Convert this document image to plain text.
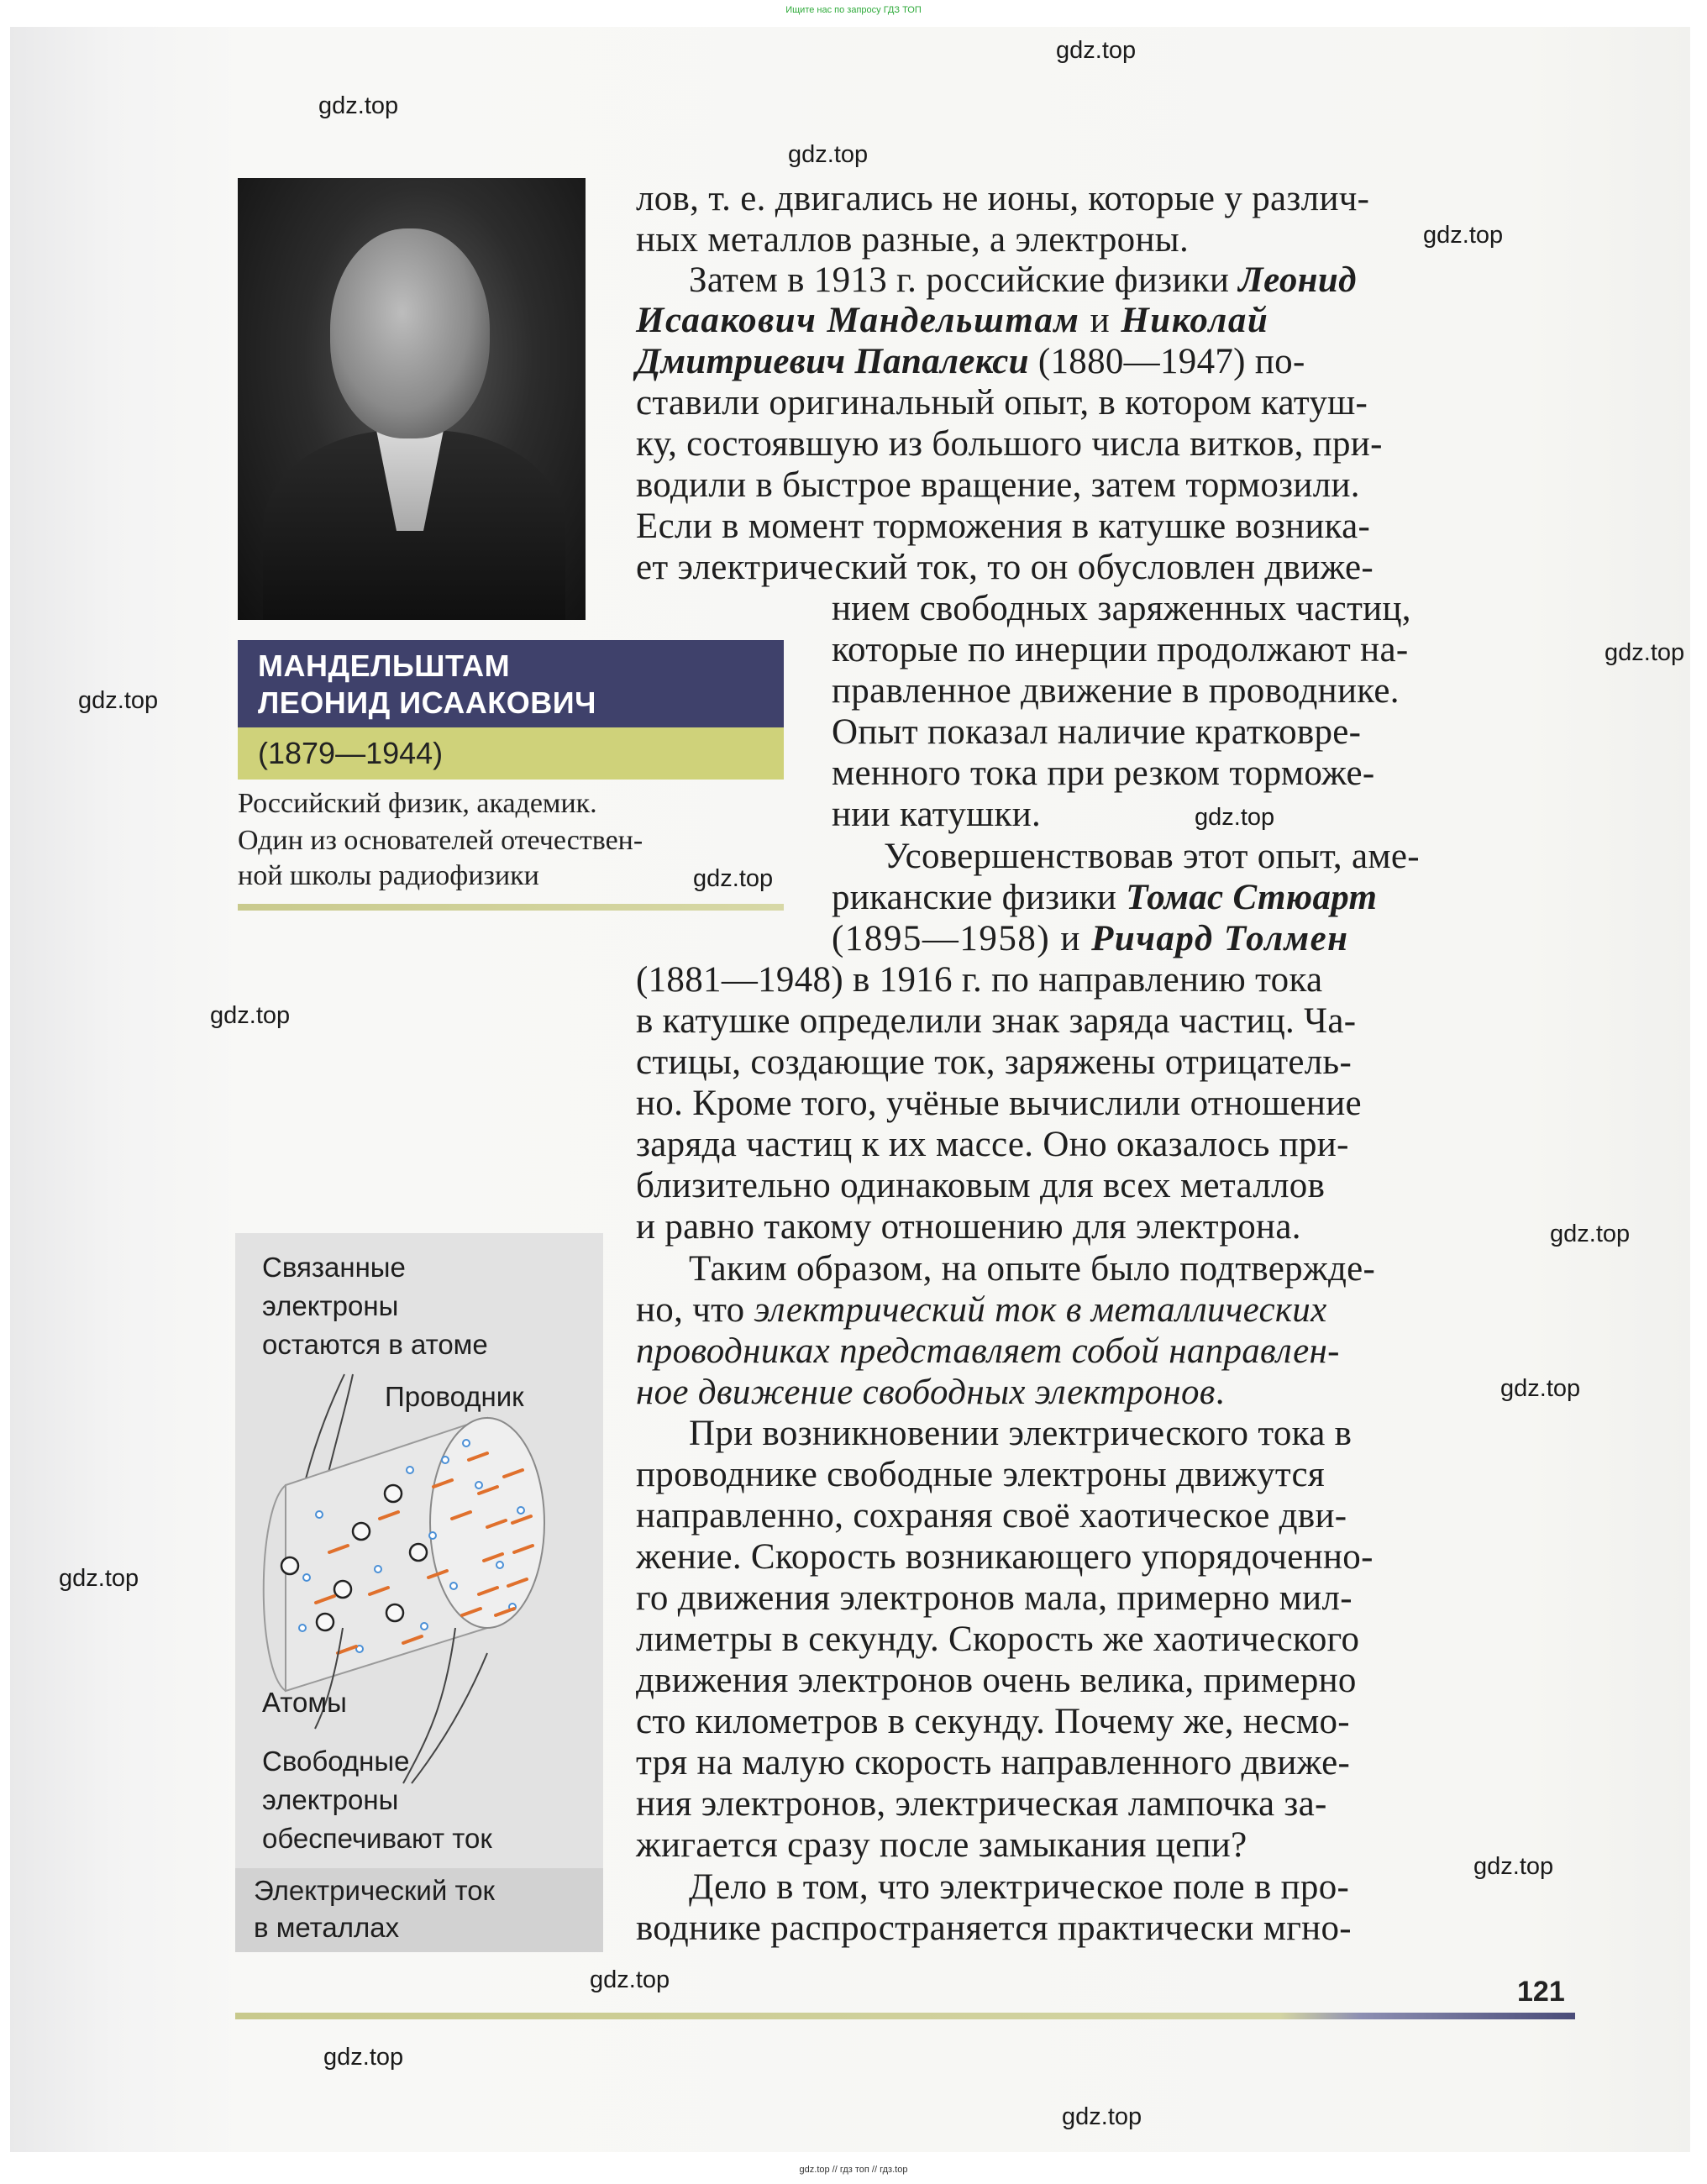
Ищите нас по запросу ГДЗ ТОП
gdz.top
gdz.top
gdz.top
gdz.top
gdz.top
gdz.top
gdz.top
gdz.top
gdz.top
gdz.top
gdz.top
gdz.top
gdz.top
gdz.top
gdz.top
gdz.top
МАНДЕЛЬШТАМ
ЛЕОНИД ИСААКОВИЧ
(1879—1944)
Российский физик, академик.
Один из основателей отечествен-
ной школы радиофизики
лов, т. е. двигались не ионы, которые у различ-
ных металлов разные, а электроны.
Затем в 1913 г. российские физики Леонид
Исаакович Мандельштам и Николай
Дмитриевич Папалекси (1880—1947) по-
ставили оригинальный опыт, в котором катуш-
ку, состоявшую из большого числа витков, при-
водили в быстрое вращение, затем тормозили.
Если в момент торможения в катушке возника-
ет электрический ток, то он обусловлен движе-
нием свободных заряженных частиц,
которые по инерции продолжают на-
правленное движение в проводнике.
Опыт показал наличие кратковре-
менного тока при резком торможе-
нии катушки.
Усовершенствовав этот опыт, аме-
риканские физики Томас Стюарт
(1895—1958) и Ричард Толмен
(1881—1948) в 1916 г. по направлению тока
в катушке определили знак заряда частиц. Ча-
стицы, создающие ток, заряжены отрицатель-
но. Кроме того, учёные вычислили отношение
заряда частиц к их массе. Оно оказалось при-
близительно одинаковым для всех металлов
и равно такому отношению для электрона.
Таким образом, на опыте было подтвержде-
но, что электрический ток в металлических
проводниках представляет собой направлен-
ное движение свободных электронов.
При возникновении электрического тока в
проводнике свободные электроны движутся
направленно, сохраняя своё хаотическое дви-
жение. Скорость возникающего упорядоченно-
го движения электронов мала, примерно мил-
лиметры в секунду. Скорость же хаотического
движения электронов очень велика, примерно
сто километров в секунду. Почему же, несмо-
тря на малую скорость направленного движе-
ния электронов, электрическая лампочка за-
жигается сразу после замыкания цепи?
Дело в том, что электрическое поле в про-
воднике распространяется практически мгно-
Связанные
электроны
остаются в атоме
Проводник
Атомы
Свободные
электроны
обеспечивают ток
Электрический ток
в металлах
121
gdz.top // гдз топ // гдз.top
